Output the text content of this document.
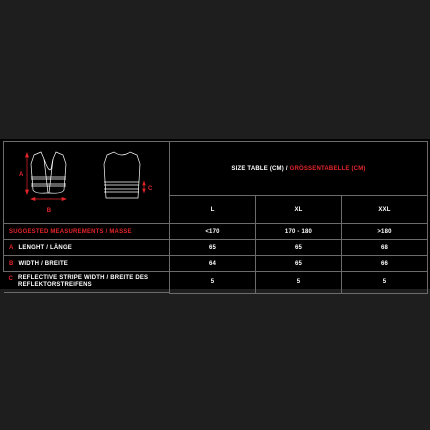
A
B
C	SIZE TABLE (CM) / GRÖSSENTABELLE (CM)		
	L	XL	XXL
SUGGESTED MEASUREMENTS / MASSE	<170	170 - 180	>180
A LENGHT / LÄNGE	65	65	68
B WIDTH / BREITE	64	65	66

C REFLECTIVE STRIPE WIDTH / BREITE DES REFLEKTORSTREIFENS	5	5	5
